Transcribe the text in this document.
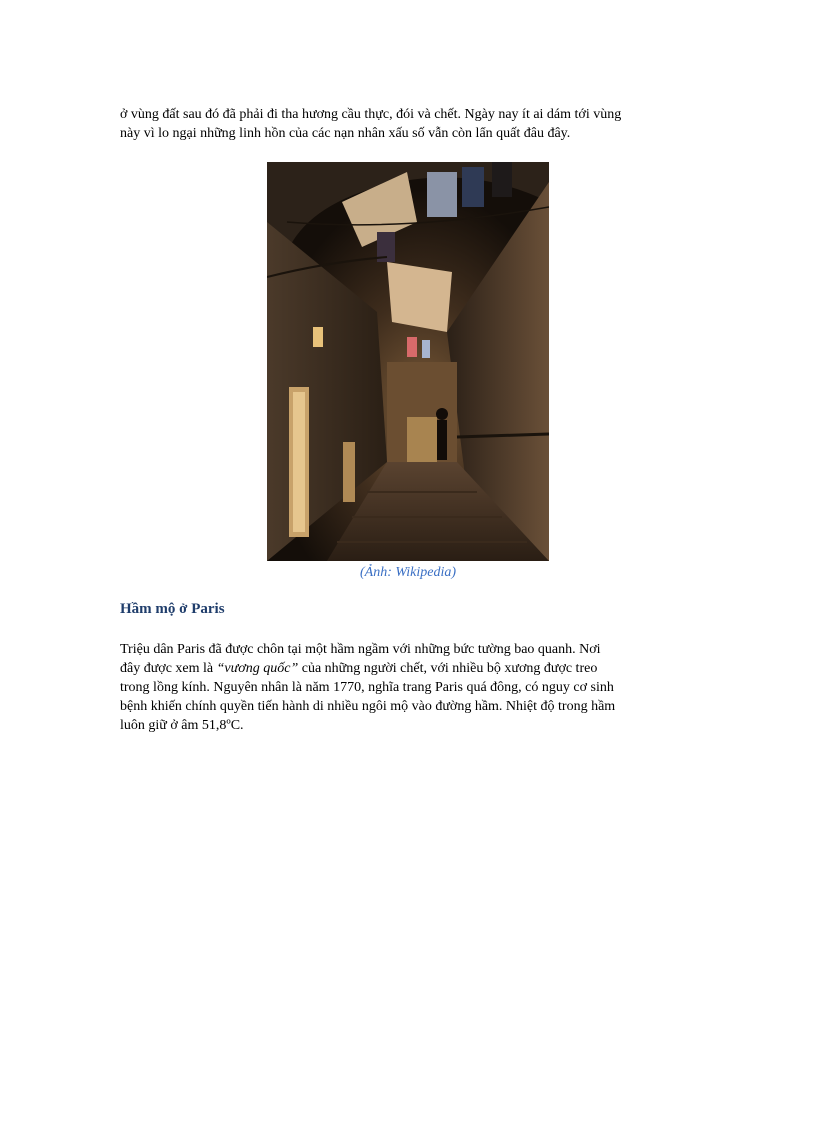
ở vùng đất sau đó đã phải đi tha hương cầu thực, đói và chết. Ngày nay ít ai dám tới vùng
này vì lo ngại những linh hồn của các nạn nhân xấu số vẫn còn lẩn quất đâu đây.

(Ảnh: Wikipedia)
Hầm mộ ở Paris

Triệu dân Paris đã được chôn tại một hầm ngầm với những bức tường bao quanh. Nơi
đây được xem là “vương quốc” của những người chết, với nhiều bộ xương được treo
trong lồng kính. Nguyên nhân là năm 1770, nghĩa trang Paris quá đông, có nguy cơ sinh
bệnh khiến chính quyền tiến hành di nhiều ngôi mộ vào đường hầm. Nhiệt độ trong hầm
luôn giữ ở âm 51,8ºC.
